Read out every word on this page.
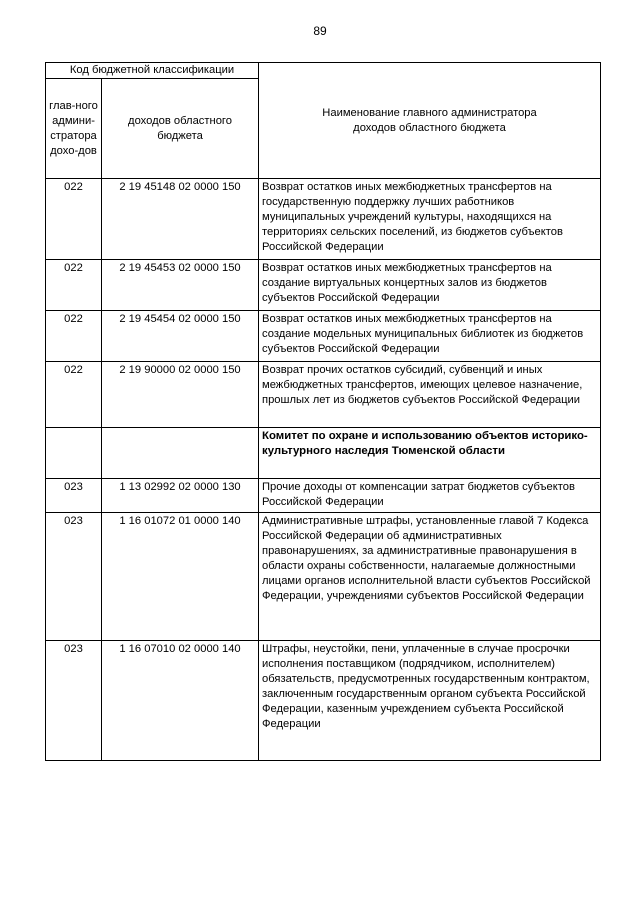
89
Код бюджетной классификации		Наименование главного администратора доходов областного бюджета
глав-ного админи-стратора дохо-дов	доходов областного бюджета	
022	2 19 45148 02 0000 150	Возврат остатков иных межбюджетных трансфертов на государственную поддержку лучших работников муниципальных учреждений культуры, находящихся на территориях сельских поселений, из бюджетов субъектов Российской Федерации
022	2 19 45453 02 0000 150	Возврат остатков иных межбюджетных трансфертов на создание виртуальных концертных залов из бюджетов субъектов Российской Федерации
022	2 19 45454 02 0000 150	Возврат остатков иных межбюджетных трансфертов на создание модельных муниципальных библиотек из бюджетов субъектов Российской Федерации
022	2 19 90000 02 0000 150	Возврат прочих остатков субсидий, субвенций и иных межбюджетных трансфертов, имеющих целевое назначение, прошлых лет из бюджетов субъектов Российской Федерации
		Комитет по охране и использованию объектов историко-культурного наследия Тюменской области
023	1 13 02992 02 0000 130	Прочие доходы от компенсации затрат бюджетов субъектов Российской Федерации
023	1 16 01072 01 0000 140	Административные штрафы, установленные главой 7 Кодекса Российской Федерации об административных правонарушениях, за административные правонарушения в области охраны собственности, налагаемые должностными лицами органов исполнительной власти субъектов Российской Федерации, учреждениями субъектов Российской Федерации
023	1 16 07010 02 0000 140	Штрафы, неустойки, пени, уплаченные в случае просрочки исполнения поставщиком (подрядчиком, исполнителем) обязательств, предусмотренных государственным контрактом, заключенным государственным органом субъекта Российской Федерации, казенным учреждением субъекта Российской Федерации
